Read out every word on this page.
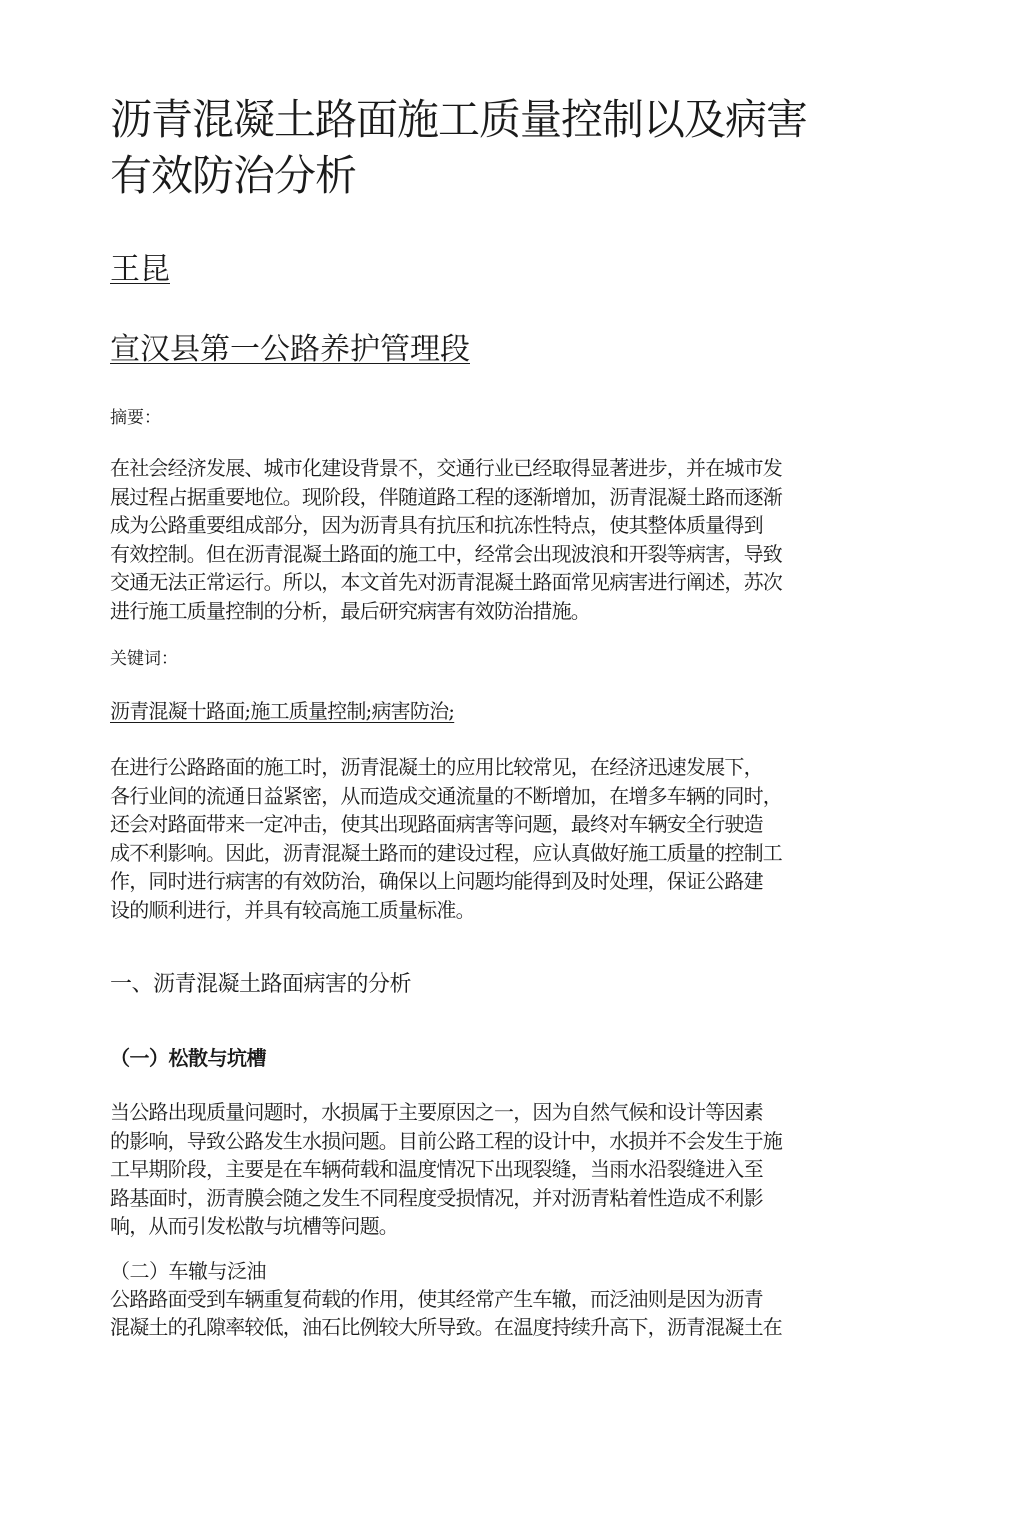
沥青混凝土路面施工质量控制以及病害
有效防治分析
王昆
宣汉县第一公路养护管理段
摘要：

在社会经济发展、城市化建设背景不，交通行业已经取得显著进步，并在城市发
展过程占据重要地位。现阶段，伴随道路工程的逐渐增加，沥青混凝土路而逐渐
成为公路重要组成部分，因为沥青具有抗压和抗冻性特点，使其整体质量得到
有效控制。但在沥青混凝土路面的施工中，经常会出现波浪和开裂等病害，导致
交通无法正常运行。所以，本文首先对沥青混凝土路面常见病害进行阐述，苏次
进行施工质量控制的分析，最后研究病害有效防治措施。

关键词：
沥青混凝十路面;施工质量控制;病害防治;

在进行公路路面的施工时，沥青混凝土的应用比较常见，在经济迅速发展下，
各行业间的流通日益紧密，从而造成交通流量的不断增加，在增多车辆的同时，
还会对路面带来一定冲击，使其出现路面病害等问题，最终对车辆安全行驶造
成不利影响。因此，沥青混凝土路而的建设过程，应认真做好施工质量的控制工
作，同时进行病害的有效防治，确保以上问题均能得到及时处理，保证公路建
设的顺利进行，并具有较高施工质量标准。

一、沥青混凝土路面病害的分析
（一）松散与坑槽

当公路出现质量问题时，水损属于主要原因之一，因为自然气候和设计等因素
的影响，导致公路发生水损问题。目前公路工程的设计中，水损并不会发生于施
工早期阶段，主要是在车辆荷载和温度情况下出现裂缝，当雨水沿裂缝进入至
路基面时，沥青膜会随之发生不同程度受损情况，并对沥青粘着性造成不利影
响，从而引发松散与坑槽等问题。

（二）车辙与泛油

公路路面受到车辆重复荷载的作用，使其经常产生车辙，而泛油则是因为沥青
混凝土的孔隙率较低，油石比例较大所导致。在温度持续升高下，沥青混凝土在
